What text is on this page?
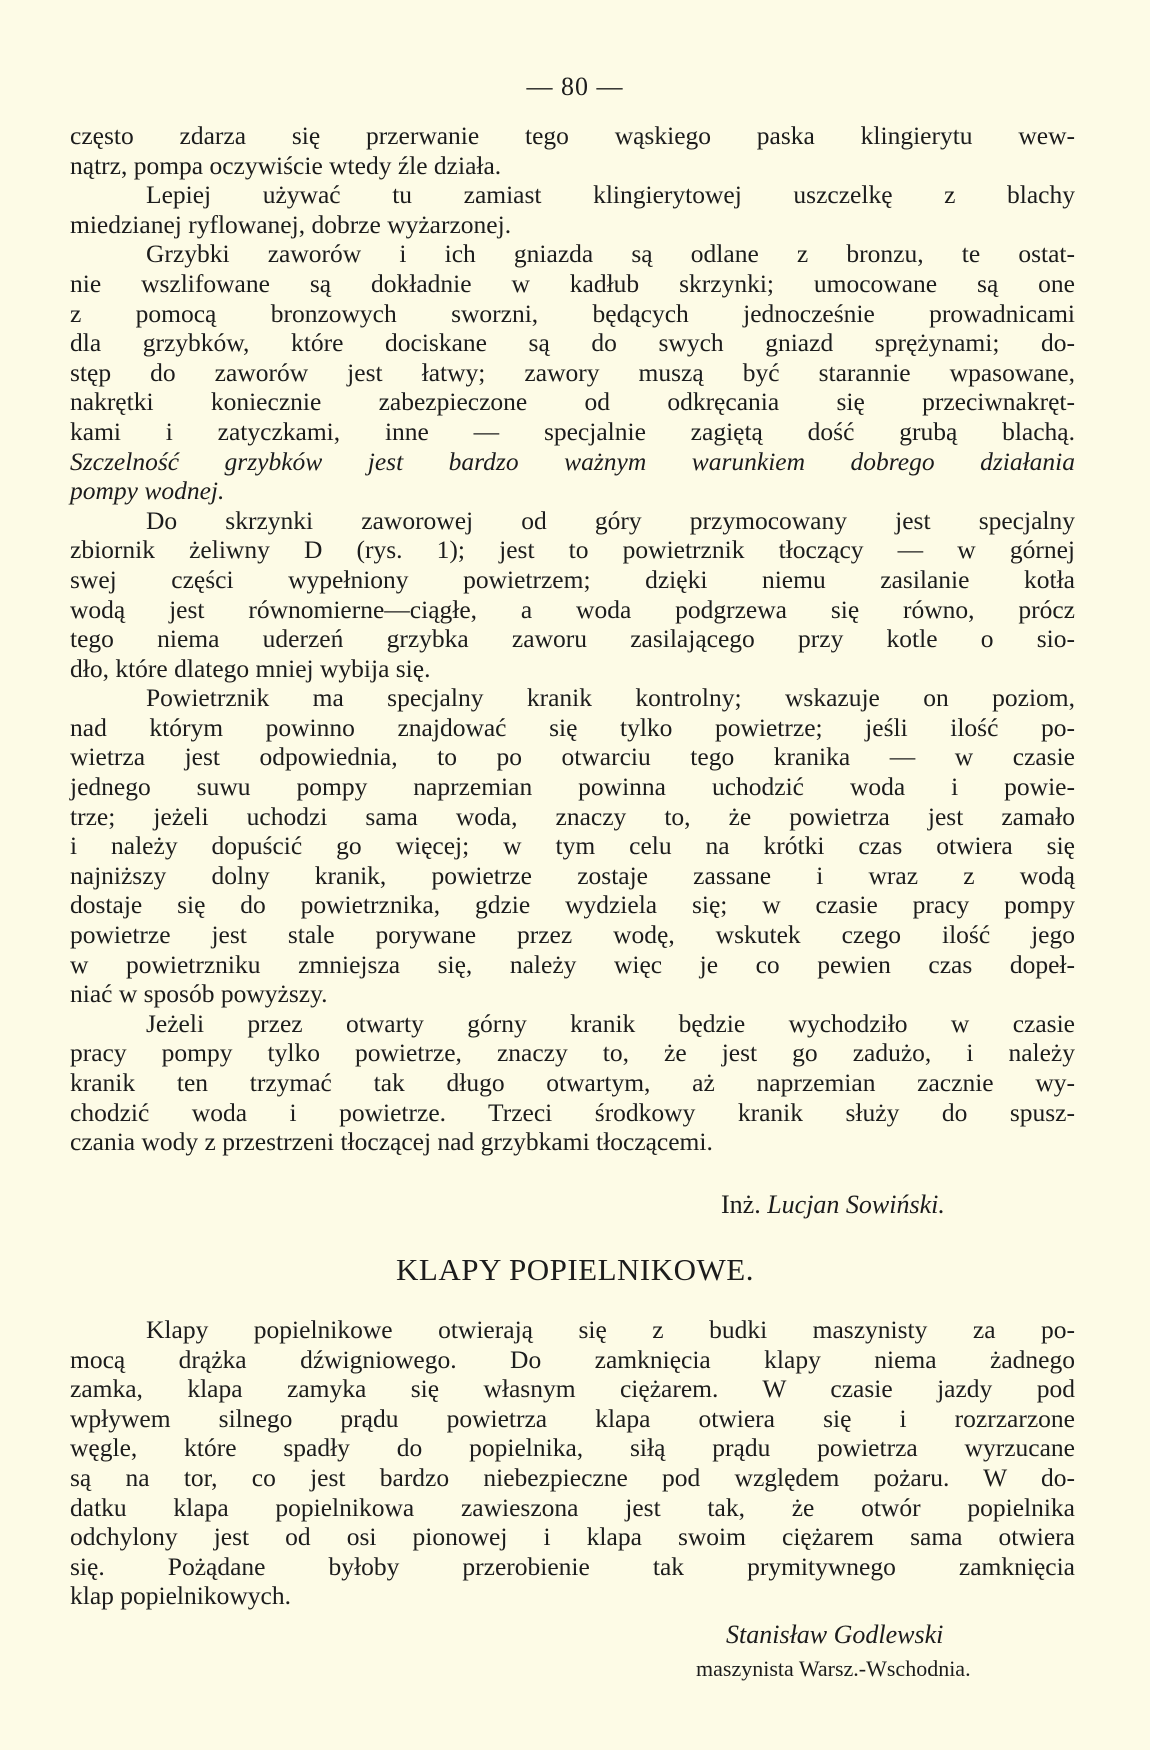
— 80 —
często zdarza się przerwanie tego wąskiego paska klingierytu wew-
nątrz, pompa oczywiście wtedy źle działa.
Lepiej używać tu zamiast klingierytowej uszczelkę z blachy
miedzianej ryflowanej, dobrze wyżarzonej.
Grzybki zaworów i ich gniazda są odlane z bronzu, te ostat-
nie wszlifowane są dokładnie w kadłub skrzynki; umocowane są one
z pomocą bronzowych sworzni, będących jednocześnie prowadnicami
dla grzybków, które dociskane są do swych gniazd sprężynami; do-
stęp do zaworów jest łatwy; zawory muszą być starannie wpasowane,
nakrętki koniecznie zabezpieczone od odkręcania się przeciwnakręt-
kami i zatyczkami, inne — specjalnie zagiętą dość grubą blachą.
Szczelność grzybków jest bardzo ważnym warunkiem dobrego działania
pompy wodnej.
Do skrzynki zaworowej od góry przymocowany jest specjalny
zbiornik żeliwny D (rys. 1); jest to powietrznik tłoczący — w górnej
swej części wypełniony powietrzem; dzięki niemu zasilanie kotła
wodą jest równomierne—ciągłe, a woda podgrzewa się równo, prócz
tego niema uderzeń grzybka zaworu zasilającego przy kotle o sio-
dło, które dlatego mniej wybija się.
Powietrznik ma specjalny kranik kontrolny; wskazuje on poziom,
nad którym powinno znajdować się tylko powietrze; jeśli ilość po-
wietrza jest odpowiednia, to po otwarciu tego kranika — w czasie
jednego suwu pompy naprzemian powinna uchodzić woda i powie-
trze; jeżeli uchodzi sama woda, znaczy to, że powietrza jest zamało
i należy dopuścić go więcej; w tym celu na krótki czas otwiera się
najniższy dolny kranik, powietrze zostaje zassane i wraz z wodą
dostaje się do powietrznika, gdzie wydziela się; w czasie pracy pompy
powietrze jest stale porywane przez wodę, wskutek czego ilość jego
w powietrzniku zmniejsza się, należy więc je co pewien czas dopeł-
niać w sposób powyższy.
Jeżeli przez otwarty górny kranik będzie wychodziło w czasie
pracy pompy tylko powietrze, znaczy to, że jest go zadużo, i należy
kranik ten trzymać tak długo otwartym, aż naprzemian zacznie wy-
chodzić woda i powietrze. Trzeci środkowy kranik służy do spusz-
czania wody z przestrzeni tłoczącej nad grzybkami tłoczącemi.
Inż. Lucjan Sowiński.
KLAPY POPIELNIKOWE.
Klapy popielnikowe otwierają się z budki maszynisty za po-
mocą drążka dźwigniowego. Do zamknięcia klapy niema żadnego
zamka, klapa zamyka się własnym ciężarem. W czasie jazdy pod
wpływem silnego prądu powietrza klapa otwiera się i rozrzarzone
węgle, które spadły do popielnika, siłą prądu powietrza wyrzucane
są na tor, co jest bardzo niebezpieczne pod względem pożaru. W do-
datku klapa popielnikowa zawieszona jest tak, że otwór popielnika
odchylony jest od osi pionowej i klapa swoim ciężarem sama otwiera
się. Pożądane byłoby przerobienie tak prymitywnego zamknięcia
klap popielnikowych.
Stanisław Godlewski
maszynista Warsz.-Wschodnia.
